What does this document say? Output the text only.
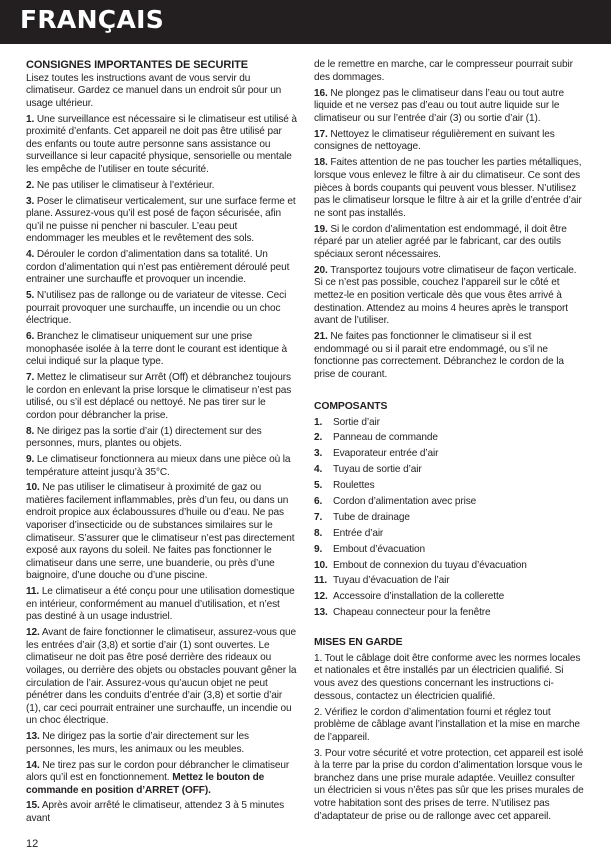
FRANÇAIS
CONSIGNES IMPORTANTES DE SECURITE
Lisez toutes les instructions avant de vous servir du climatiseur. Gardez ce manuel dans un endroit sûr pour un usage ultérieur.
1. Une surveillance est nécessaire si le climatiseur est utilisé à proximité d’enfants. Cet appareil ne doit pas être utilisé par des enfants ou toute autre personne sans assistance ou surveillance si leur capacité physique, sensorielle ou mentale les empêche de l’utiliser en toute sécurité.
2. Ne pas utiliser le climatiseur à l’extérieur.
3. Poser le climatiseur verticalement, sur une surface ferme et plane. Assurez-vous qu’il est posé de façon sécurisée, afin qu’il ne puisse ni pencher ni basculer. L’eau peut endommager les meubles et le revêtement des sols.
4. Dérouler le cordon d’alimentation dans sa totalité. Un cordon d’alimentation qui n’est pas entièrement déroulé peut entrainer une surchauffe et provoquer un incendie.
5. N’utilisez pas de rallonge ou de variateur de vitesse. Ceci pourrait provoquer une surchauffe, un incendie ou un choc électrique.
6. Branchez le climatiseur uniquement sur une prise monophasée isolée à la terre dont le courant est identique à celui indiqué sur la plaque type.
7. Mettez le climatiseur sur Arrêt (Off) et débranchez toujours le cordon en enlevant la prise lorsque le climatiseur n’est pas utilisé, ou s’il est déplacé ou nettoyé. Ne pas tirer sur le cordon pour débrancher la prise.
8. Ne dirigez pas la sortie d’air (1) directement sur des personnes, murs, plantes ou objets.
9. Le climatiseur fonctionnera au mieux dans une pièce où la température atteint jusqu’à 35°C.
10. Ne pas utiliser le climatiseur à proximité de gaz ou matières facilement inflammables, près d’un feu, ou dans un endroit propice aux éclaboussures d’huile ou d’eau. Ne pas vaporiser d’insecticide ou de substances similaires sur le climatiseur. S’assurer que le climatiseur n’est pas directement exposé aux rayons du soleil. Ne faites pas fonctionner le climatiseur dans une serre, une buanderie, ou près d’une baignoire, d’une douche ou d’une piscine.
11. Le climatiseur a été conçu pour une utilisation domestique en intérieur, conformément au manuel d’utilisation, et n’est pas destiné à un usage industriel.
12. Avant de faire fonctionner le climatiseur, assurez-vous que les entrées d’air (3,8) et sortie d’air (1) sont ouvertes. Le climatiseur ne doit pas être posé derrière des rideaux ou voilages, ou derrière des objets ou obstacles pouvant gêner la circulation de l’air. Assurez-vous qu’aucun objet ne peut pénétrer dans les conduits d’entrée d’air (3,8) et sortie d’air (1), car ceci pourrait entrainer une surchauffe, un incendie ou un choc électrique.
13. Ne dirigez pas la sortie d’air directement sur les personnes, les murs, les animaux ou les meubles.
14. Ne tirez pas sur le cordon pour débrancher le climatiseur alors qu’il est en fonctionnement. Mettez le bouton de commande en position d’ARRET (OFF).
15. Après avoir arrêté le climatiseur, attendez 3 à 5 minutes avant
de le remettre en marche, car le compresseur pourrait subir des dommages.
16. Ne plongez pas le climatiseur dans l’eau ou tout autre liquide et ne versez pas d’eau ou tout autre liquide sur le climatiseur ou sur l’entrée d’air (3) ou sortie d’air (1).
17. Nettoyez le climatiseur régulièrement en suivant les consignes de nettoyage.
18. Faites attention de ne pas toucher les parties métalliques, lorsque vous enlevez le filtre à air du climatiseur. Ce sont des pièces à bords coupants qui peuvent vous blesser. N’utilisez pas le climatiseur lorsque le filtre à air et la grille d’entrée d’air ne sont pas installés.
19. Si le cordon d’alimentation est endommagé, il doit être réparé par un atelier agréé par le fabricant, car des outils spéciaux seront nécessaires.
20. Transportez toujours votre climatiseur de façon verticale. Si ce n’est pas possible, couchez l’appareil sur le côté et mettez-le en position verticale dès que vous êtes arrivé à destination. Attendez au moins 4 heures après le transport avant de l’utiliser.
21. Ne faites pas fonctionner le climatiseur si il est endommagé ou si il parait etre endommagé, ou s’il ne fonctionne pas correctement. Débranchez le cordon de la prise de courant.
COMPOSANTS
1.	Sortie d’air
2.	Panneau de commande
3.	Evaporateur entrée d’air
4.	Tuyau de sortie d’air
5.	Roulettes
6.	Cordon d’alimentation avec prise
7.	Tube de drainage
8.	Entrée d’air
9.	Embout d’évacuation
10. Embout de connexion du tuyau d’évacuation
11. Tuyau d’évacuation de l’air
12. Accessoire d’installation de la collerette
13. Chapeau connecteur pour la fenêtre
MISES EN GARDE
1. Tout le câblage doit être conforme avec les normes locales et nationales et être installés par un électricien qualifié. Si vous avez des questions concernant les instructions ci-dessous, contactez un électricien qualifié.
2. Vérifiez le cordon d’alimentation fourni et réglez tout problème de câblage avant l’installation et la mise en marche de l’appareil.
3. Pour votre sécurité et votre protection, cet appareil est isolé à la terre par la prise du cordon d’alimentation lorsque vous le branchez dans une prise murale adaptée. Veuillez consulter un électricien si vous n’êtes pas sûr que les prises murales de votre habitation sont des prises de terre. N’utilisez pas d’adaptateur de prise ou de rallonge avec cet appareil.
12
